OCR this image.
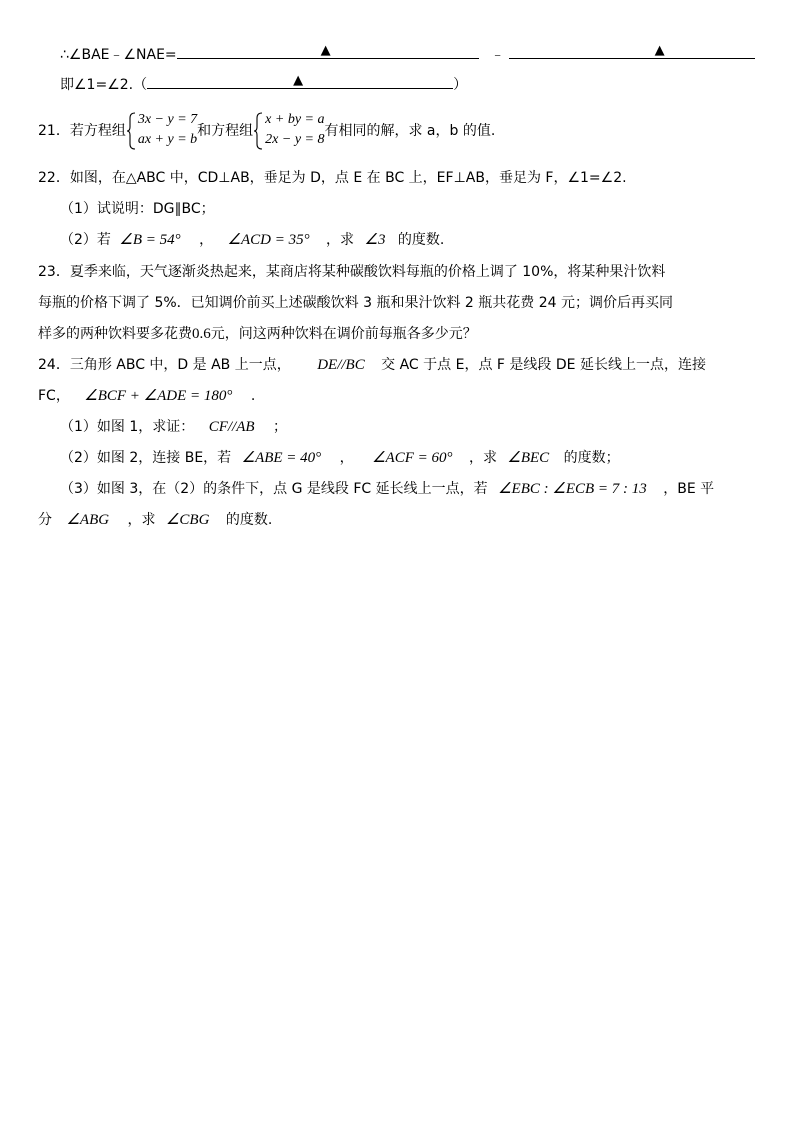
∴∠BAE﹣∠NAE=	▲	﹣	▲
即∠1=∠2.（	▲	）
21．若方程组
3x − y = 7
ax + y = b
和方程组
x + by = a
2x − y = 8
有相同的解，求 a，b 的值.
22．如图，在△ABC 中，CD⊥AB，垂足为 D，点 E 在 BC 上，EF⊥AB，垂足为 F，∠1=∠2.
（1）试说明：DG∥BC；
（2）若 ∠B = 54° ， ∠ACD = 35° ，求 ∠3 的度数.
23．夏季来临，天气逐渐炎热起来，某商店将某种碳酸饮料每瓶的价格上调了 10%，将某种果汁饮料
每瓶的价格下调了 5%．已知调价前买上述碳酸饮料 3 瓶和果汁饮料 2 瓶共花费 24 元；调价后再买同
样多的两种饮料要多花费0.6元，问这两种饮料在调价前每瓶各多少元？
24．三角形 ABC 中，D 是 AB 上一点， DE//BC 交 AC 于点 E，点 F 是线段 DE 延长线上一点，连接
FC， ∠BCF + ∠ADE = 180° .
（1）如图 1，求证： CF//AB ；
（2）如图 2，连接 BE，若 ∠ABE = 40° ， ∠ACF = 60° ，求 ∠BEC 的度数；
（3）如图 3，在（2）的条件下，点 G 是线段 FC 延长线上一点，若 ∠EBC : ∠ECB = 7 : 13 ，BE 平
分 ∠ABG ，求 ∠CBG 的度数.
